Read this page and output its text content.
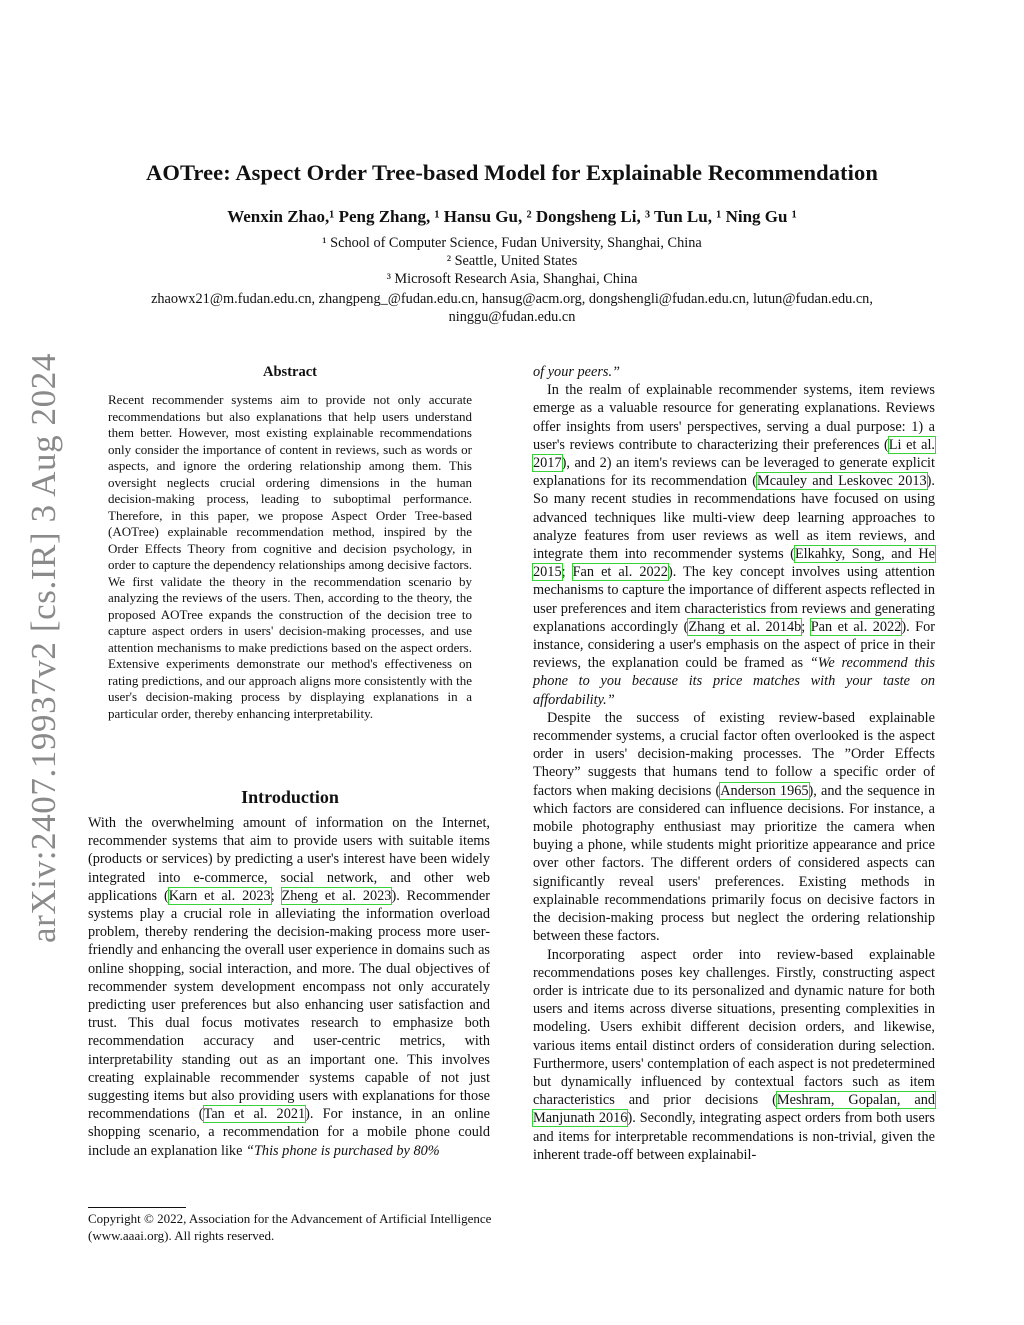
arXiv:2407.19937v2 [cs.IR] 3 Aug 2024
AOTree: Aspect Order Tree-based Model for Explainable Recommendation
Wenxin Zhao,¹ Peng Zhang, ¹ Hansu Gu, ² Dongsheng Li, ³ Tun Lu, ¹ Ning Gu ¹
¹ School of Computer Science, Fudan University, Shanghai, China
² Seattle, United States
³ Microsoft Research Asia, Shanghai, China
zhaowx21@m.fudan.edu.cn, zhangpeng_@fudan.edu.cn, hansug@acm.org, dongshengli@fudan.edu.cn, lutun@fudan.edu.cn, ninggu@fudan.edu.cn
Abstract
Recent recommender systems aim to provide not only accurate recommendations but also explanations that help users understand them better. However, most existing explainable recommendations only consider the importance of content in reviews, such as words or aspects, and ignore the ordering relationship among them. This oversight neglects crucial ordering dimensions in the human decision-making process, leading to suboptimal performance. Therefore, in this paper, we propose Aspect Order Tree-based (AOTree) explainable recommendation method, inspired by the Order Effects Theory from cognitive and decision psychology, in order to capture the dependency relationships among decisive factors. We first validate the theory in the recommendation scenario by analyzing the reviews of the users. Then, according to the theory, the proposed AOTree expands the construction of the decision tree to capture aspect orders in users' decision-making processes, and use attention mechanisms to make predictions based on the aspect orders. Extensive experiments demonstrate our method's effectiveness on rating predictions, and our approach aligns more consistently with the user's decision-making process by displaying explanations in a particular order, thereby enhancing interpretability.
Introduction

With the overwhelming amount of information on the Internet, recommender systems that aim to provide users with suitable items (products or services) by predicting a user's interest have been widely integrated into e-commerce, social network, and other web applications (Karn et al. 2023; Zheng et al. 2023). Recommender systems play a crucial role in alleviating the information overload problem, thereby rendering the decision-making process more user-friendly and enhancing the overall user experience in domains such as online shopping, social interaction, and more. The dual objectives of recommender system development encompass not only accurately predicting user preferences but also enhancing user satisfaction and trust. This dual focus motivates research to emphasize both recommendation accuracy and user-centric metrics, with interpretability standing out as an important one. This involves creating explainable recommender systems capable of not just suggesting items but also providing users with explanations for those recommendations (Tan et al. 2021). For instance, in an online shopping scenario, a recommendation for a mobile phone could include an explanation like “This phone is purchased by 80%

Copyright © 2022, Association for the Advancement of Artificial Intelligence (www.aaai.org). All rights reserved.

of your peers.”

In the realm of explainable recommender systems, item reviews emerge as a valuable resource for generating explanations. Reviews offer insights from users' perspectives, serving a dual purpose: 1) a user's reviews contribute to characterizing their preferences (Li et al. 2017), and 2) an item's reviews can be leveraged to generate explicit explanations for its recommendation (Mcauley and Leskovec 2013). So many recent studies in recommendations have focused on using advanced techniques like multi-view deep learning approaches to analyze features from user reviews as well as item reviews, and integrate them into recommender systems (Elkahky, Song, and He 2015; Fan et al. 2022). The key concept involves using attention mechanisms to capture the importance of different aspects reflected in user preferences and item characteristics from reviews and generating explanations accordingly (Zhang et al. 2014b; Pan et al. 2022). For instance, considering a user's emphasis on the aspect of price in their reviews, the explanation could be framed as “We recommend this phone to you because its price matches with your taste on affordability.”

Despite the success of existing review-based explainable recommender systems, a crucial factor often overlooked is the aspect order in users' decision-making processes. The ”Order Effects Theory” suggests that humans tend to follow a specific order of factors when making decisions (Anderson 1965), and the sequence in which factors are considered can influence decisions. For instance, a mobile photography enthusiast may prioritize the camera when buying a phone, while students might prioritize appearance and price over other factors. The different orders of considered aspects can significantly reveal users' preferences. Existing methods in explainable recommendations primarily focus on decisive factors in the decision-making process but neglect the ordering relationship between these factors.

Incorporating aspect order into review-based explainable recommendations poses key challenges. Firstly, constructing aspect order is intricate due to its personalized and dynamic nature for both users and items across diverse situations, presenting complexities in modeling. Users exhibit different decision orders, and likewise, various items entail distinct orders of consideration during selection. Furthermore, users' contemplation of each aspect is not predetermined but dynamically influenced by contextual factors such as item characteristics and prior decisions (Meshram, Gopalan, and Manjunath 2016). Secondly, integrating aspect orders from both users and items for interpretable recommendations is non-trivial, given the inherent trade-off between explainabil-
